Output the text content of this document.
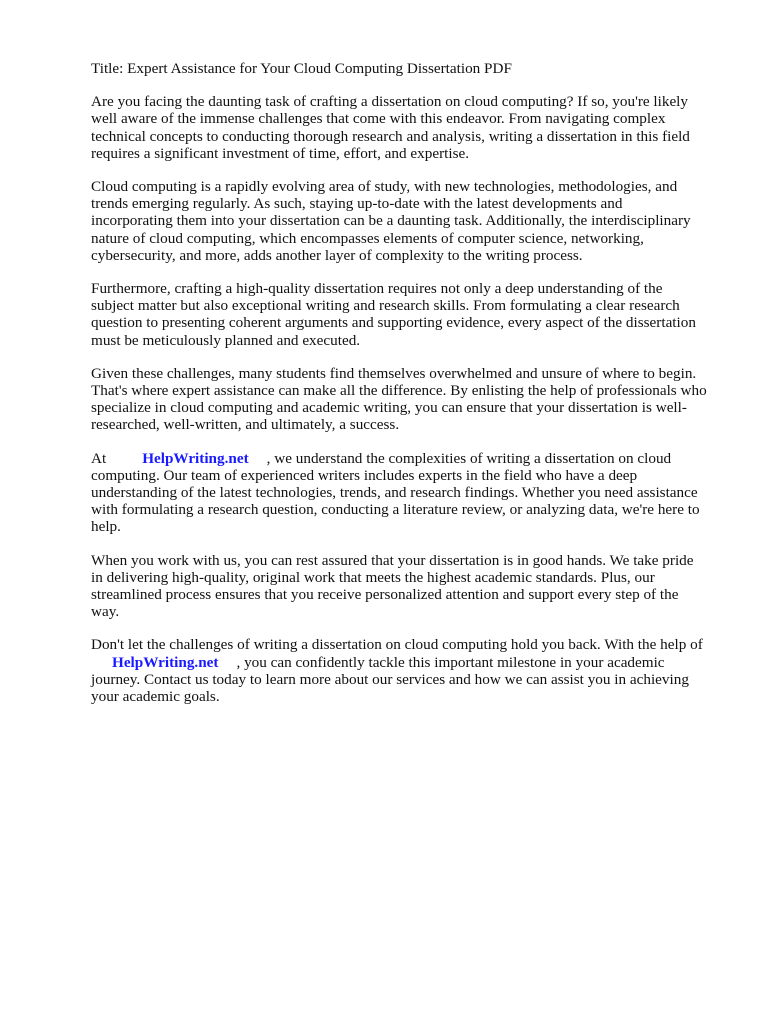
Title: Expert Assistance for Your Cloud Computing Dissertation PDF

Are you facing the daunting task of crafting a dissertation on cloud computing? If so, you're likely
well aware of the immense challenges that come with this endeavor. From navigating complex
technical concepts to conducting thorough research and analysis, writing a dissertation in this field
requires a significant investment of time, effort, and expertise.

Cloud computing is a rapidly evolving area of study, with new technologies, methodologies, and
trends emerging regularly. As such, staying up-to-date with the latest developments and
incorporating them into your dissertation can be a daunting task. Additionally, the interdisciplinary
nature of cloud computing, which encompasses elements of computer science, networking,
cybersecurity, and more, adds another layer of complexity to the writing process.

Furthermore, crafting a high-quality dissertation requires not only a deep understanding of the
subject matter but also exceptional writing and research skills. From formulating a clear research
question to presenting coherent arguments and supporting evidence, every aspect of the dissertation
must be meticulously planned and executed.

Given these challenges, many students find themselves overwhelmed and unsure of where to begin.
That's where expert assistance can make all the difference. By enlisting the help of professionals who
specialize in cloud computing and academic writing, you can ensure that your dissertation is well-
researched, well-written, and ultimately, a success.

At HelpWriting.net , we understand the complexities of writing a dissertation on cloud
computing. Our team of experienced writers includes experts in the field who have a deep
understanding of the latest technologies, trends, and research findings. Whether you need assistance
with formulating a research question, conducting a literature review, or analyzing data, we're here to
help.

When you work with us, you can rest assured that your dissertation is in good hands. We take pride
in delivering high-quality, original work that meets the highest academic standards. Plus, our
streamlined process ensures that you receive personalized attention and support every step of the
way.

Don't let the challenges of writing a dissertation on cloud computing hold you back. With the help of
HelpWriting.net , you can confidently tackle this important milestone in your academic
journey. Contact us today to learn more about our services and how we can assist you in achieving
your academic goals.
